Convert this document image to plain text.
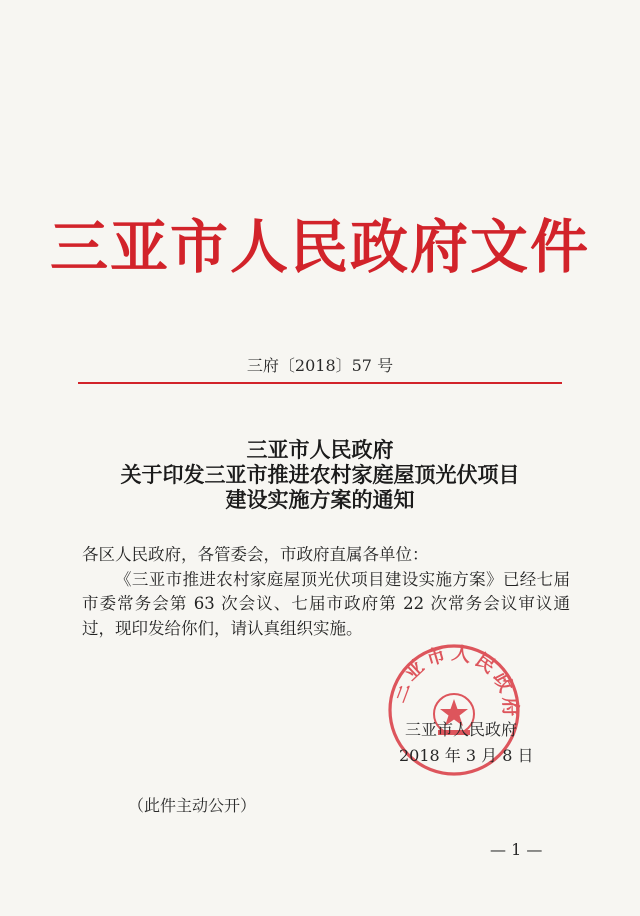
三亚市人民政府文件
三府〔2018〕57 号
三亚市人民政府
关于印发三亚市推进农村家庭屋顶光伏项目
建设实施方案的通知
各区人民政府，各管委会，市政府直属各单位：
《三亚市推进农村家庭屋顶光伏项目建设实施方案》已经七届市委常务会第 63 次会议、七届市政府第 22 次常务会议审议通过，现印发给你们，请认真组织实施。
三亚市人民政府
三亚市人民政府
2018 年 3 月 8 日
（此件主动公开）
— 1 —
